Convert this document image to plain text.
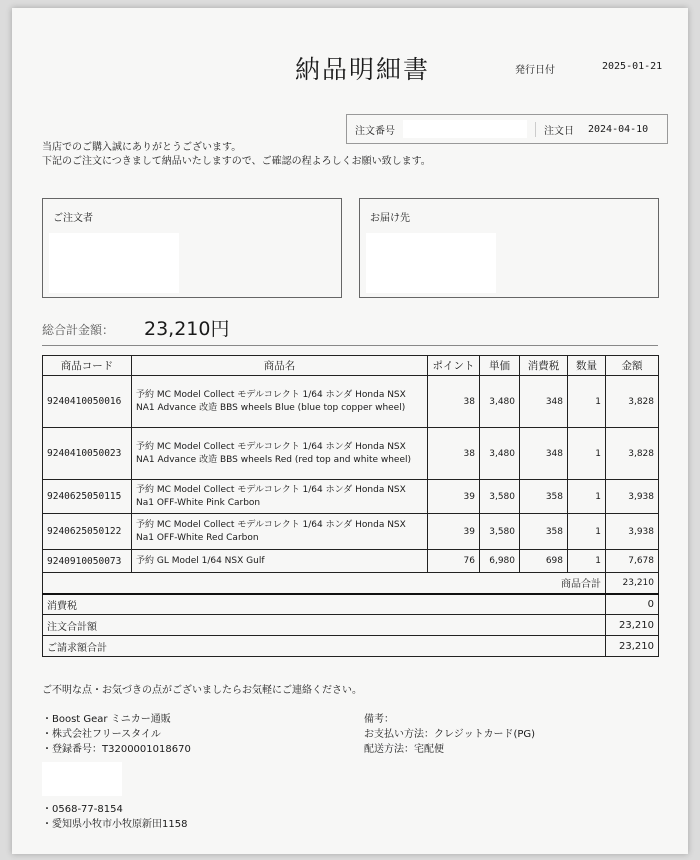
納品明細書	発行日付	2025-01-21
注文番号	注文日	2024-04-10
当店でのご購入誠にありがとうございます。
下記のご注文につきまして納品いたしますので、ご確認の程よろしくお願い致します。
ご注文者	お届け先
総合計金額： 23,210円
商品コード	商品名	ポイント	単価	消費税	数量	金額
9240410050016	予約 MC Model Collect モデルコレクト 1/64 ホンダ Honda NSX NA1 Advance 改造 BBS wheels Blue (blue top copper wheel)	38	3,480	348	1	3,828
9240410050023	予約 MC Model Collect モデルコレクト 1/64 ホンダ Honda NSX NA1 Advance 改造 BBS wheels Red (red top and white wheel)	38	3,480	348	1	3,828
9240625050115	予約 MC Model Collect モデルコレクト 1/64 ホンダ Honda NSX Na1 OFF-White Pink Carbon	39	3,580	358	1	3,938
9240625050122	予約 MC Model Collect モデルコレクト 1/64 ホンダ Honda NSX Na1 OFF-White Red Carbon	39	3,580	358	1	3,938
9240910050073	予約 GL Model 1/64 NSX Gulf	76	6,980	698	1	7,678
商品合計						23,210
消費税						0
注文合計額						23,210
ご請求額合計						23,210
ご不明な点・お気づきの点がございましたらお気軽にご連絡ください。
・Boost Gear ミニカー通販
・株式会社フリースタイル
・登録番号：T3200001018670
・0568-77-8154
・愛知県小牧市小牧原新田1158
備考：
お支払い方法：クレジットカード(PG)
配送方法：宅配便
